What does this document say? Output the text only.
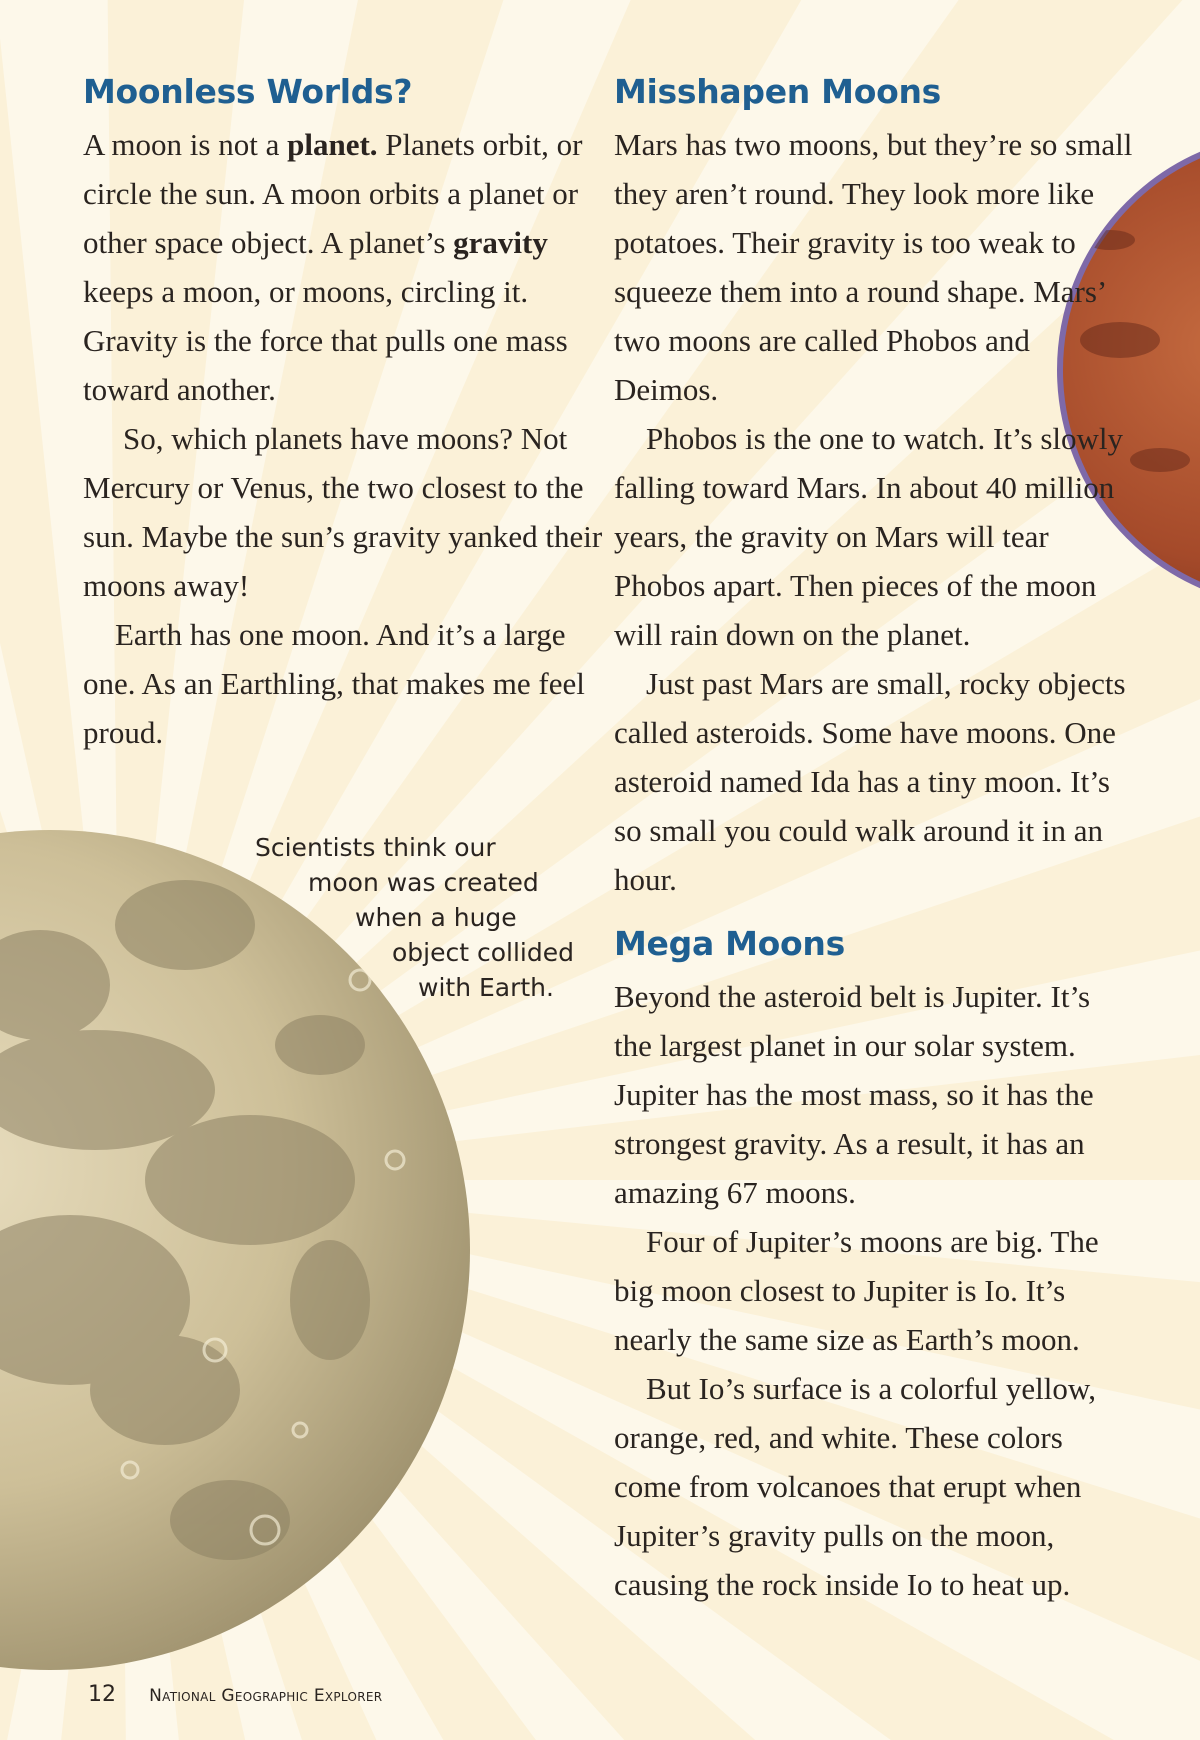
Moonless Worlds?

A moon is not a planet. Planets orbit, or circle the sun. A moon orbits a planet or other space object. A planet’s gravity keeps a moon, or moons, circling it. Gravity is the force that pulls one mass toward another.

So, which planets have moons? Not Mercury or Venus, the two closest to the sun. Maybe the sun’s gravity yanked their moons away!

Earth has one moon. And it’s a large one. As an Earthling, that makes me feel proud.

Misshapen Moons

Mars has two moons, but they’re so small they aren’t round. They look more like potatoes. Their gravity is too weak to squeeze them into a round shape. Mars’ two moons are called Phobos and Deimos.

Phobos is the one to watch. It’s slowly falling toward Mars. In about 40 million years, the gravity on Mars will tear Phobos apart. Then pieces of the moon will rain down on the planet.

Just past Mars are small, rocky objects called asteroids. Some have moons. One asteroid named Ida has a tiny moon. It’s so small you could walk around it in an hour.

Mega Moons

Beyond the asteroid belt is Jupiter. It’s the largest planet in our solar system. Jupiter has the most mass, so it has the strongest gravity. As a result, it has an amazing 67 moons.

Four of Jupiter’s moons are big. The big moon closest to Jupiter is Io. It’s nearly the same size as Earth’s moon.

But Io’s surface is a colorful yellow, orange, red, and white. These colors come from volcanoes that erupt when Jupiter’s gravity pulls on the moon, causing the rock inside Io to heat up.

Scientists think our
moon was created
when a huge
object collided
with Earth.
12 National Geographic Explorer
